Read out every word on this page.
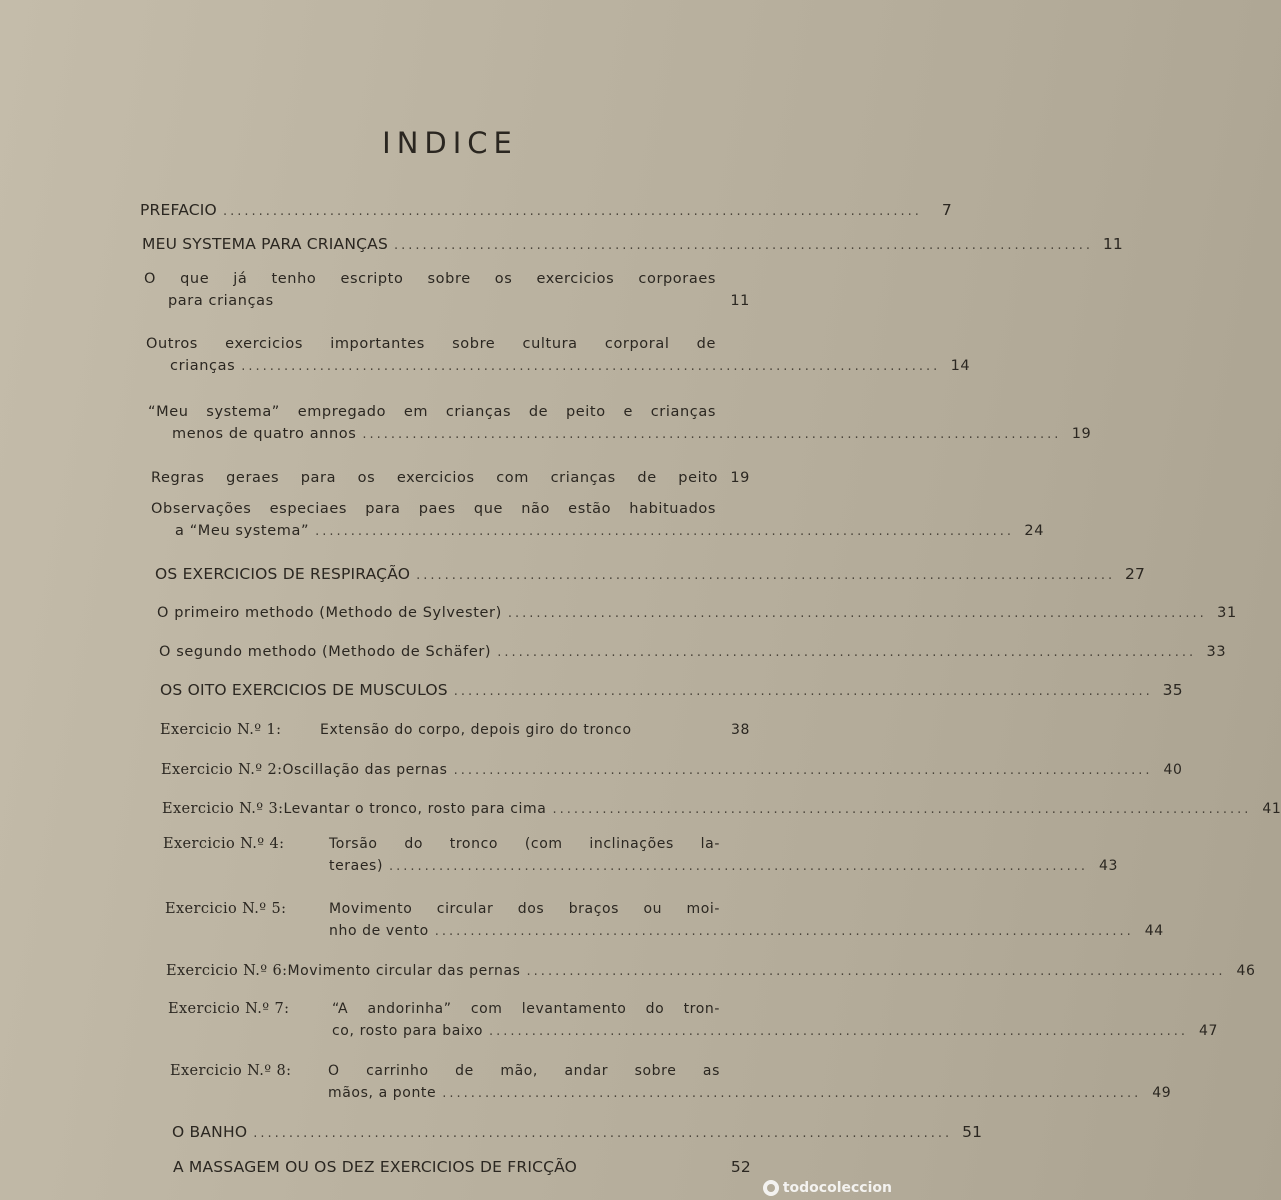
INDICE
PREFACIO ..................................................................................................	7
MEU SYSTEMA PARA CRIANÇAS .................................................................................................. 11
O que já tenho escripto sobre os exercicios corporaes
para crianças	11
Outros exercicios importantes sobre cultura corporal de
crianças .................................................................................................. 14
“Meu systema” empregado em crianças de peito e crianças
menos de quatro annos .................................................................................................. 19
Regras geraes para os exercicios com crianças de peito 19
Observações especiaes para paes que não estão habituados
a “Meu systema” .................................................................................................. 24
OS EXERCICIOS DE RESPIRAÇÃO .................................................................................................. 27
O primeiro methodo (Methodo de Sylvester) .................................................................................................. 31
O segundo methodo (Methodo de Schäfer) .................................................................................................. 33
OS OITO EXERCICIOS DE MUSCULOS .................................................................................................. 35
Exercicio N.º 1:	Extensão do corpo, depois giro do tronco	38
Exercicio N.º 2: Oscillação das pernas .................................................................................................. 40
Exercicio N.º 3: Levantar o tronco, rosto para cima .................................................................................................. 41
Exercicio N.º 4:	Torsão do tronco (com inclinações la-
teraes) .................................................................................................. 43
Exercicio N.º 5:	Movimento circular dos braços ou moi-
nho de vento .................................................................................................. 44
Exercicio N.º 6: Movimento circular das pernas .................................................................................................. 46
Exercicio N.º 7:	“A andorinha” com levantamento do tron-
co, rosto para baixo .................................................................................................. 47
Exercicio N.º 8:	O carrinho de mão, andar sobre as
mãos, a ponte .................................................................................................. 49
O BANHO .................................................................................................. 51
A MASSAGEM OU OS DEZ EXERCICIOS DE FRICÇÃO	52
todocoleccion
